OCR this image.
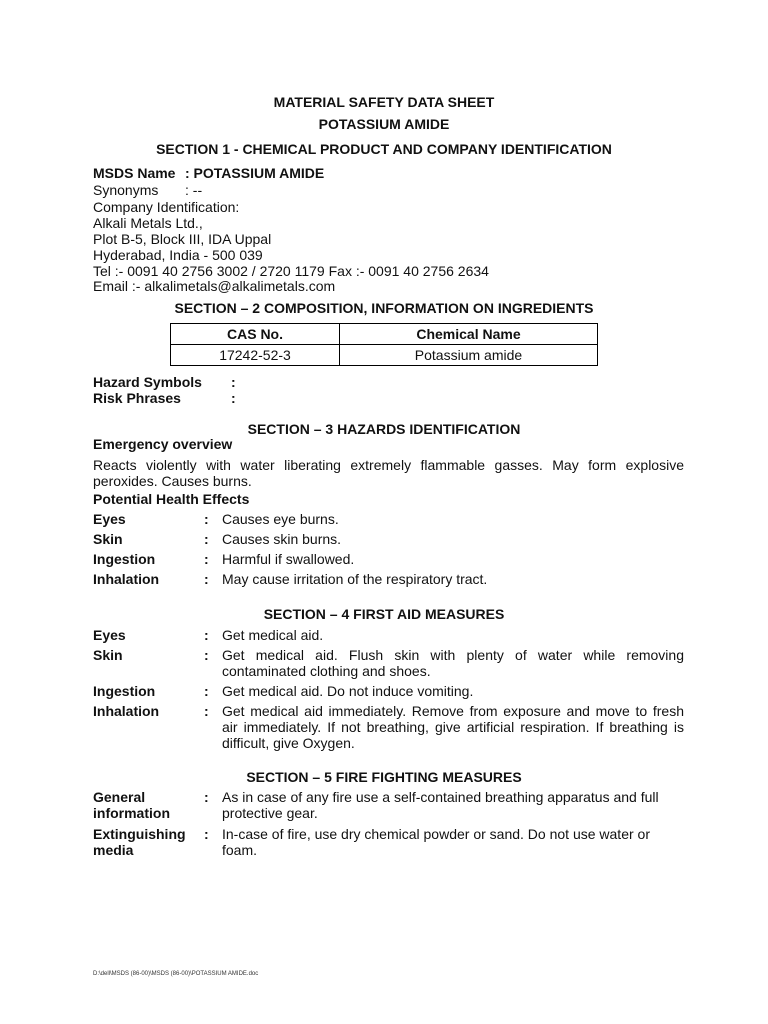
MATERIAL SAFETY DATA SHEET
POTASSIUM AMIDE
SECTION 1 - CHEMICAL PRODUCT AND COMPANY IDENTIFICATION
MSDS Name : POTASSIUM AMIDE
Synonyms : --
Company Identification:
Alkali Metals Ltd.,
Plot B-5, Block III, IDA Uppal
Hyderabad, India - 500 039
Tel :- 0091 40 2756 3002 / 2720 1179 Fax :- 0091 40 2756 2634
Email :- alkalimetals@alkalimetals.com
SECTION – 2 COMPOSITION, INFORMATION ON INGREDIENTS
CAS No.	Chemical Name
17242-52-3	Potassium amide
Hazard Symbols :
Risk Phrases	:
SECTION – 3 HAZARDS IDENTIFICATION
Emergency overview
Reacts violently with water liberating extremely flammable gasses. May form explosive peroxides. Causes burns.
Potential Health Effects
Eyes	: Causes eye burns.
Skin	: Causes skin burns.
Ingestion	: Harmful if swallowed.
Inhalation	: May cause irritation of the respiratory tract.
SECTION – 4 FIRST AID MEASURES
Eyes	: Get medical aid.
Skin	: Get medical aid. Flush skin with plenty of water while removing contaminated clothing and shoes.
Ingestion	: Get medical aid. Do not induce vomiting.
Inhalation	: Get medical aid immediately. Remove from exposure and move to fresh air immediately. If not breathing, give artificial respiration. If breathing is difficult, give Oxygen.
SECTION – 5 FIRE FIGHTING MEASURES
General
information
: As in case of any fire use a self-contained breathing apparatus and full protective gear.
Extinguishing
media
: In-case of fire, use dry chemical powder or sand. Do not use water or foam.
D:\dell\MSDS (86-00)\MSDS (86-00)\POTASSIUM AMIDE.doc
